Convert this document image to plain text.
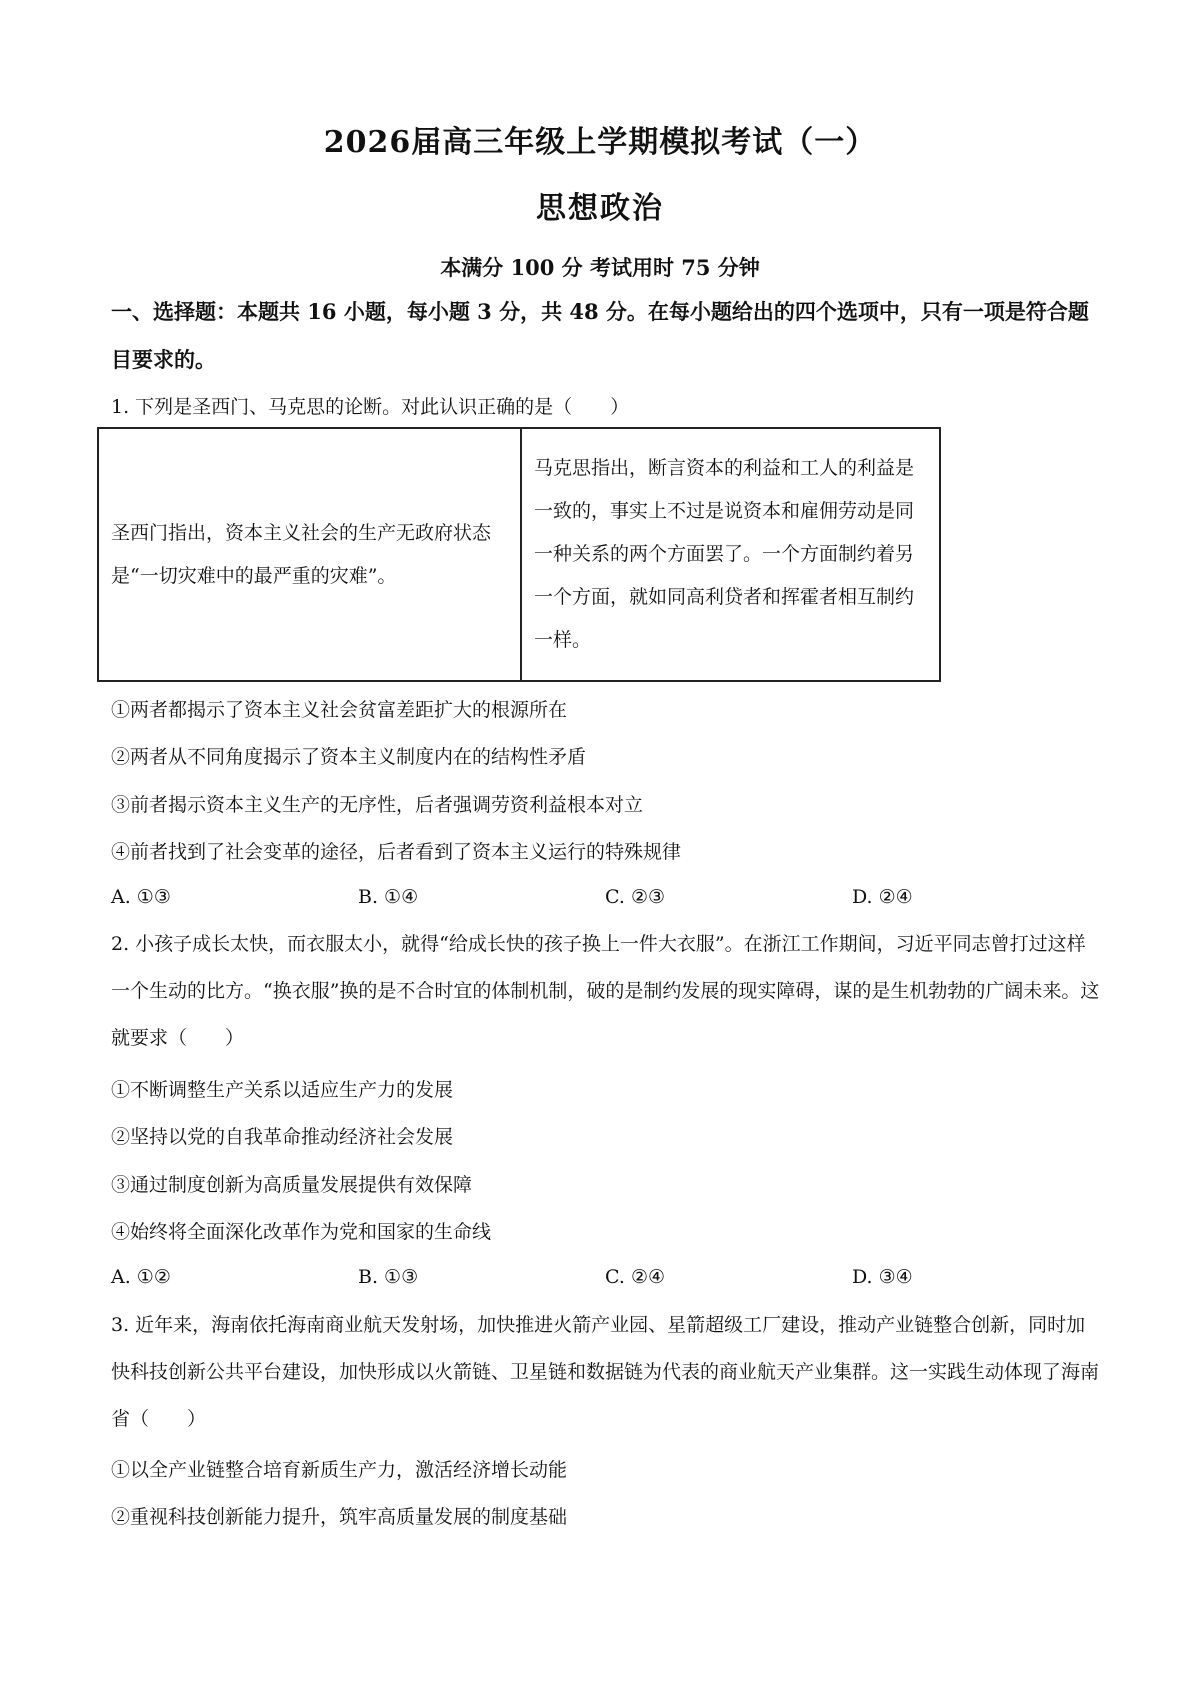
2026届高三年级上学期模拟考试（一）
思想政治
本满分 100 分 考试用时 75 分钟
一、选择题：本题共 16 小题，每小题 3 分，共 48 分。在每小题给出的四个选项中，只有一项是符合题目要求的。
1. 下列是圣西门、马克思的论断。对此认识正确的是（　　）
圣西门指出，资本主义社会的生产无政府状态是“一切灾难中的最严重的灾难”。	马克思指出，断言资本的利益和工人的利益是一致的，事实上不过是说资本和雇佣劳动是同一种关系的两个方面罢了。一个方面制约着另一个方面，就如同高利贷者和挥霍者相互制约一样。
①两者都揭示了资本主义社会贫富差距扩大的根源所在
②两者从不同角度揭示了资本主义制度内在的结构性矛盾
③前者揭示资本主义生产的无序性，后者强调劳资利益根本对立
④前者找到了社会变革的途径，后者看到了资本主义运行的特殊规律
A. ①③	B. ①④	C. ②③	D. ②④
2. 小孩子成长太快，而衣服太小，就得“给成长快的孩子换上一件大衣服”。在浙江工作期间，习近平同志曾打过这样一个生动的比方。“换衣服”换的是不合时宜的体制机制，破的是制约发展的现实障碍，谋的是生机勃勃的广阔未来。这就要求（　　）
①不断调整生产关系以适应生产力的发展
②坚持以党的自我革命推动经济社会发展
③通过制度创新为高质量发展提供有效保障
④始终将全面深化改革作为党和国家的生命线
A. ①②	B. ①③	C. ②④	D. ③④
3. 近年来，海南依托海南商业航天发射场，加快推进火箭产业园、星箭超级工厂建设，推动产业链整合创新，同时加快科技创新公共平台建设，加快形成以火箭链、卫星链和数据链为代表的商业航天产业集群。这一实践生动体现了海南省（　　）
①以全产业链整合培育新质生产力，激活经济增长动能
②重视科技创新能力提升，筑牢高质量发展的制度基础
